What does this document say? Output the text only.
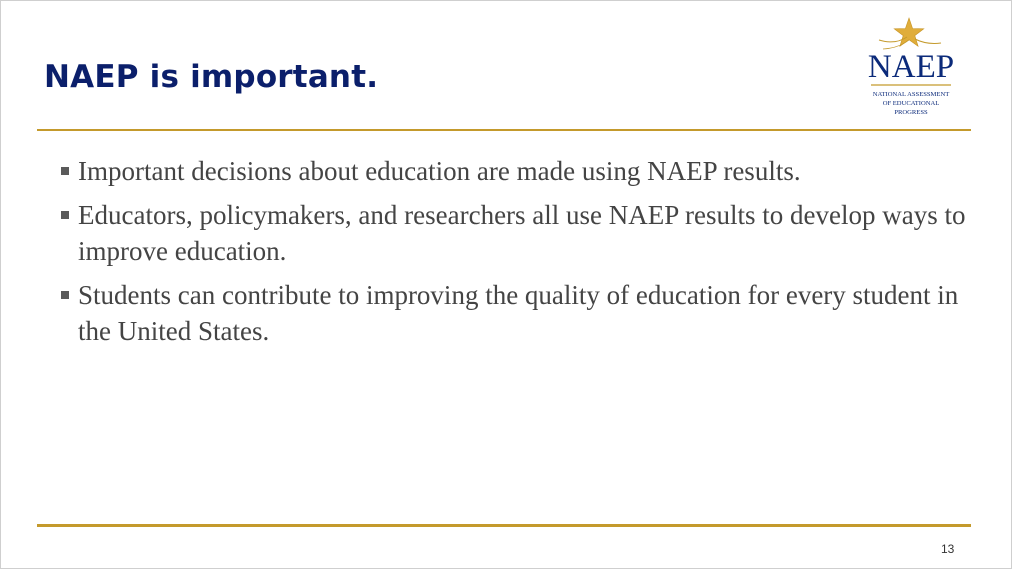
NAEP is important.	NAEP
NATIONAL ASSESSMENT
OF EDUCATIONAL
PROGRESS
Important decisions about education are made using NAEP results.
Educators, policymakers, and researchers all use NAEP results to develop ways to improve education.
Students can contribute to improving the quality of education for every student in the United States.
13
